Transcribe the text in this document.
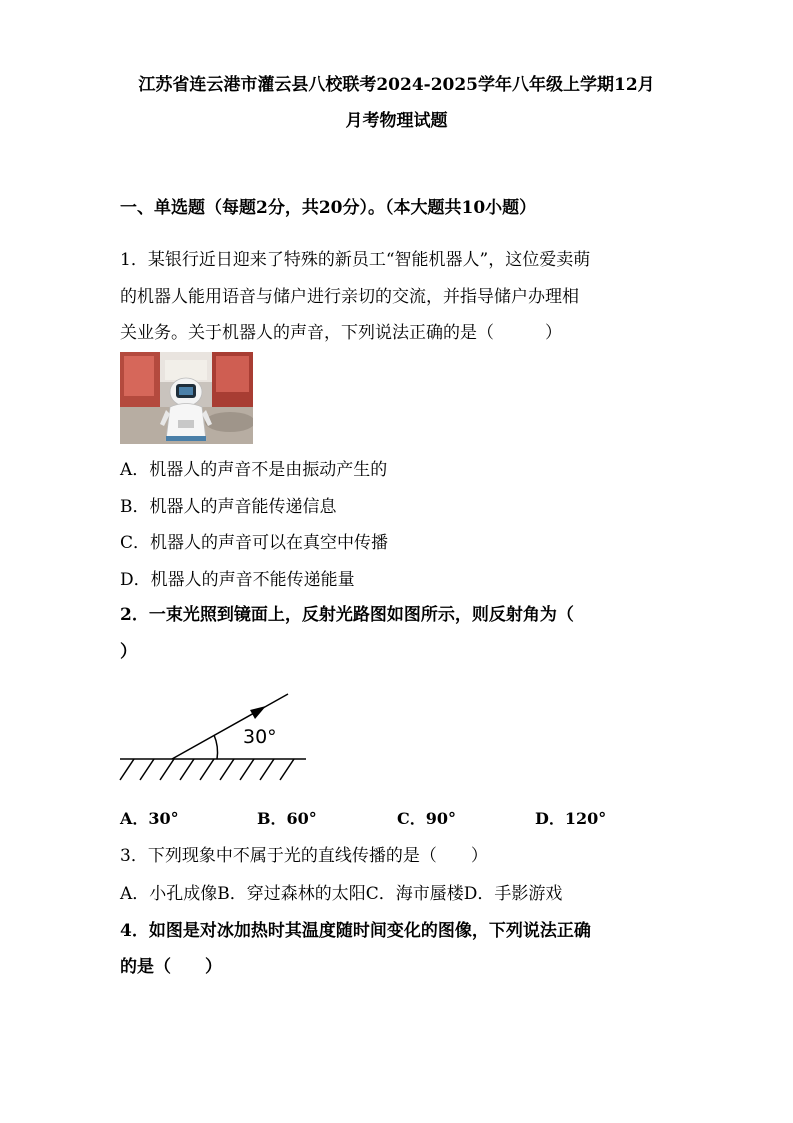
江苏省连云港市灌云县八校联考2024-2025学年八年级上学期12月
月考物理试题
一、单选题（每题2分，共20分）。（本大题共10小题）
1．某银行近日迎来了特殊的新员工“智能机器人”，这位爱卖萌
的机器人能用语音与储户进行亲切的交流，并指导储户办理相
关业务。关于机器人的声音，下列说法正确的是（　　　）
A．机器人的声音不是由振动产生的
B．机器人的声音能传递信息
C．机器人的声音可以在真空中传播
D．机器人的声音不能传递能量
2．一束光照到镜面上，反射光路图如图所示，则反射角为（
）
30°
A．30°	B．60°	C．90°	D．120°
3．下列现象中不属于光的直线传播的是（　　）
A．小孔成像B．穿过森林的太阳C．海市蜃楼D．手影游戏
4．如图是对冰加热时其温度随时间变化的图像，下列说法正确
的是（　　）
